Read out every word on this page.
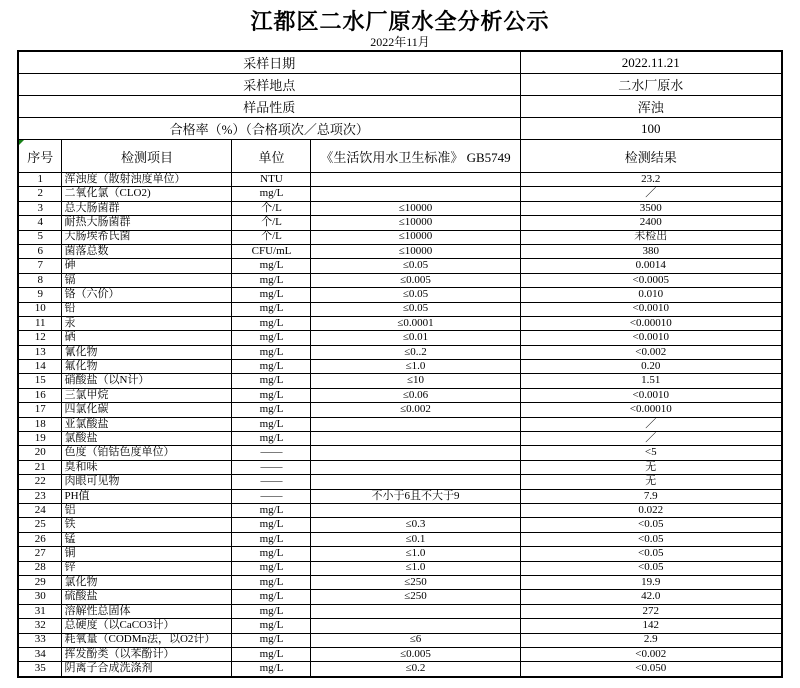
江都区二水厂原水全分析公示
2022年11月
采样日期				2022.11.21
采样地点				二水厂原水
样品性质				浑浊
合格率（%）（合格项次／总项次）				100

序号	检测项目	单位	《生活饮用水卫生标准》 GB5749	检测结果
1	浑浊度（散射浊度单位）	NTU		23.2
2	二氧化氯（CLO2)	mg/L		／
3	总大肠菌群	个/L	≤10000	3500
4	耐热大肠菌群	个/L	≤10000	2400
5	大肠埃希氏菌	个/L	≤10000	未检出
6	菌落总数	CFU/mL	≤10000	380
7	砷	mg/L	≤0.05	0.0014
8	镉	mg/L	≤0.005	<0.0005
9	铬（六价）	mg/L	≤0.05	0.010
10	铅	mg/L	≤0.05	<0.0010
11	汞	mg/L	≤0.0001	<0.00010
12	硒	mg/L	≤0.01	<0.0010
13	氰化物	mg/L	≤0..2	<0.002
14	氟化物	mg/L	≤1.0	0.20
15	硝酸盐（以N计）	mg/L	≤10	1.51
16	三氯甲烷	mg/L	≤0.06	<0.0010
17	四氯化碳	mg/L	≤0.002	<0.00010
18	亚氯酸盐	mg/L		／
19	氯酸盐	mg/L		／
20	色度（铂钴色度单位）	——		<5
21	臭和味	——		无
22	肉眼可见物	——		无
23	PH值	——	不小于6且不大于9	7.9
24	铝	mg/L		0.022
25	铁	mg/L	≤0.3	<0.05
26	锰	mg/L	≤0.1	<0.05
27	铜	mg/L	≤1.0	<0.05
28	锌	mg/L	≤1.0	<0.05
29	氯化物	mg/L	≤250	19.9
30	硫酸盐	mg/L	≤250	42.0
31	溶解性总固体	mg/L		272
32	总硬度（以CaCO3计）	mg/L		142
33	耗氧量（CODMn法，以O2计）	mg/L	≤6	2.9
34	挥发酚类（以苯酚计）	mg/L	≤0.005	<0.002
35	阴离子合成洗涤剂	mg/L	≤0.2	<0.050
